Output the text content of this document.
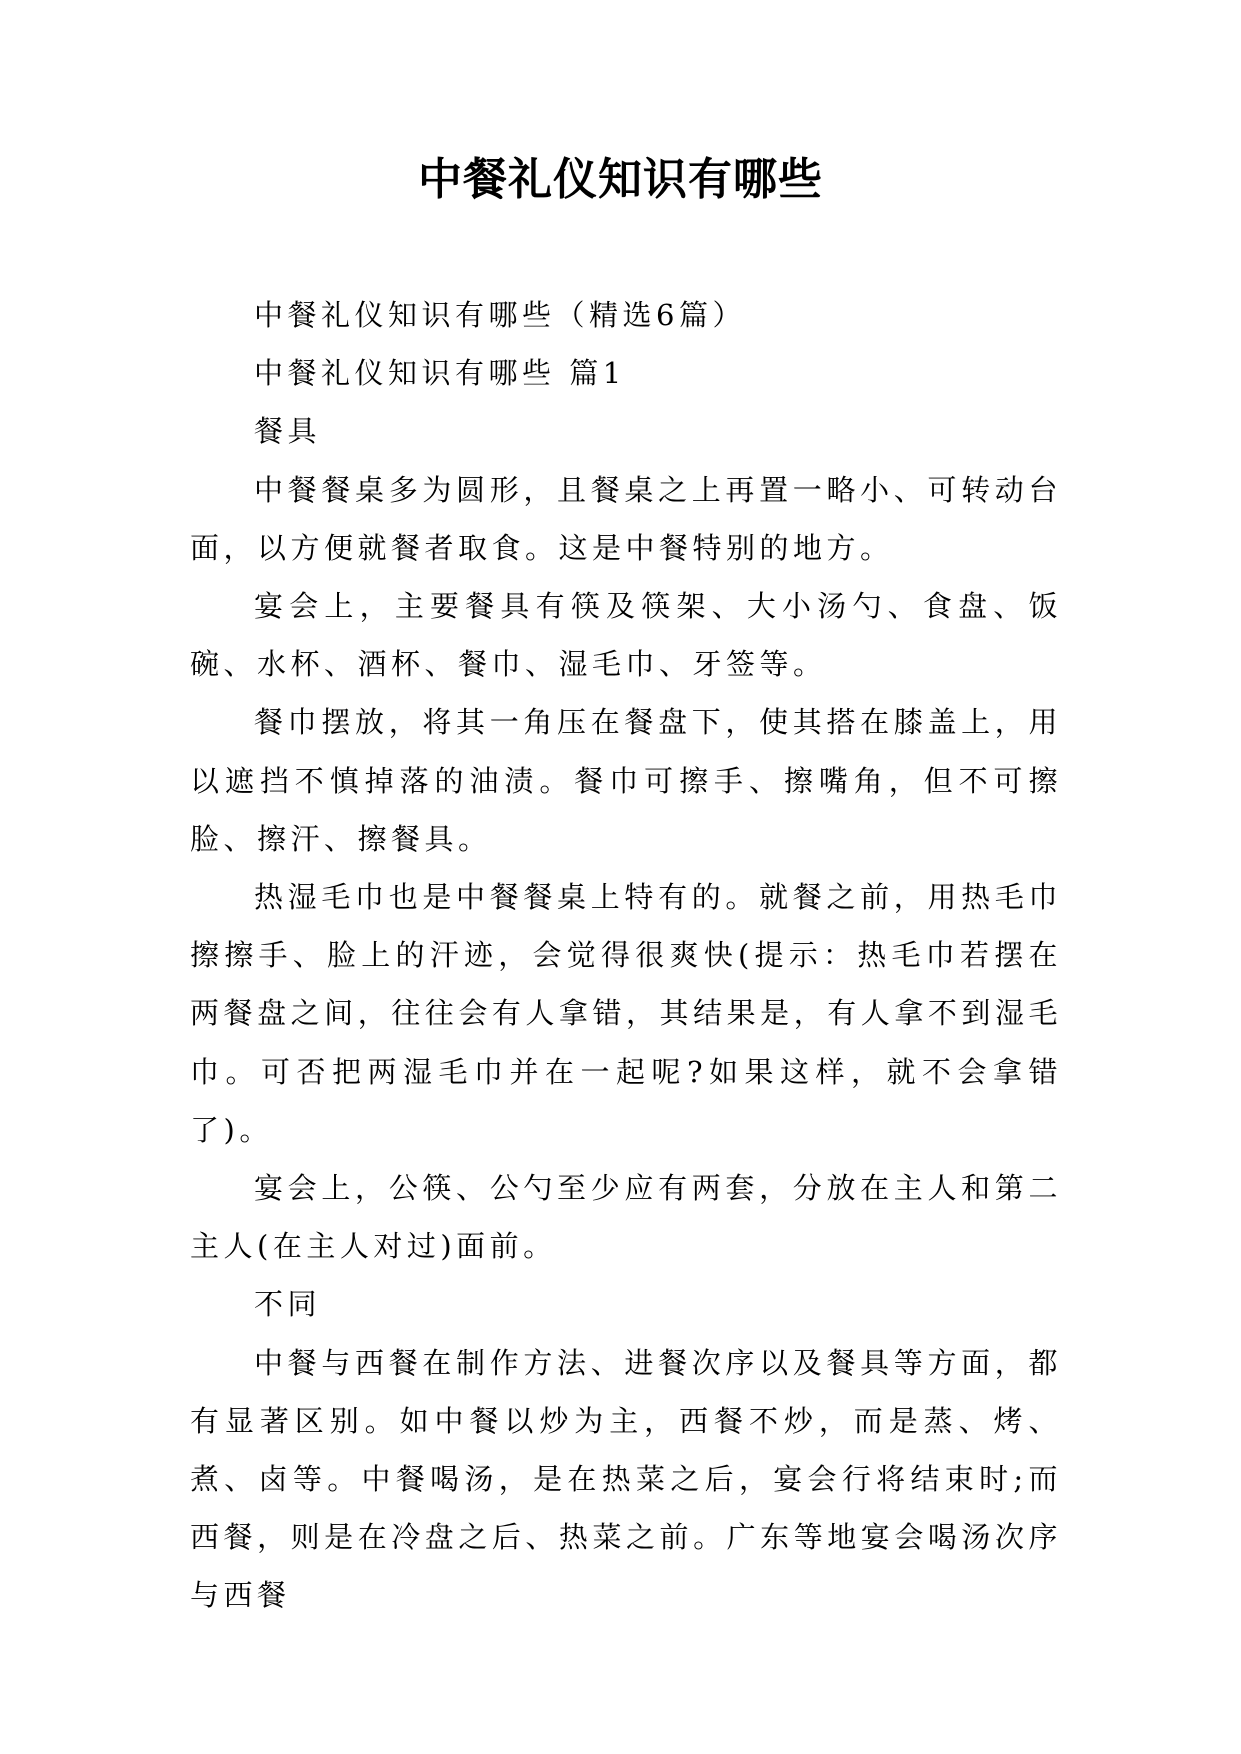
中餐礼仪知识有哪些

中餐礼仪知识有哪些（精选6篇）

中餐礼仪知识有哪些 篇1

餐具

中餐餐桌多为圆形，且餐桌之上再置一略小、可转动台面，以方便就餐者取食。这是中餐特别的地方。

宴会上，主要餐具有筷及筷架、大小汤勺、食盘、饭碗、水杯、酒杯、餐巾、湿毛巾、牙签等。

餐巾摆放，将其一角压在餐盘下，使其搭在膝盖上，用以遮挡不慎掉落的油渍。餐巾可擦手、擦嘴角，但不可擦脸、擦汗、擦餐具。

热湿毛巾也是中餐餐桌上特有的。就餐之前，用热毛巾擦擦手、脸上的汗迹，会觉得很爽快(提示：热毛巾若摆在两餐盘之间，往往会有人拿错，其结果是，有人拿不到湿毛巾。可否把两湿毛巾并在一起呢?如果这样，就不会拿错了)。

宴会上，公筷、公勺至少应有两套，分放在主人和第二主人(在主人对过)面前。

不同

中餐与西餐在制作方法、进餐次序以及餐具等方面，都有显著区别。如中餐以炒为主，西餐不炒，而是蒸、烤、煮、卤等。中餐喝汤，是在热菜之后，宴会行将结束时;而西餐，则是在冷盘之后、热菜之前。广东等地宴会喝汤次序与西餐
